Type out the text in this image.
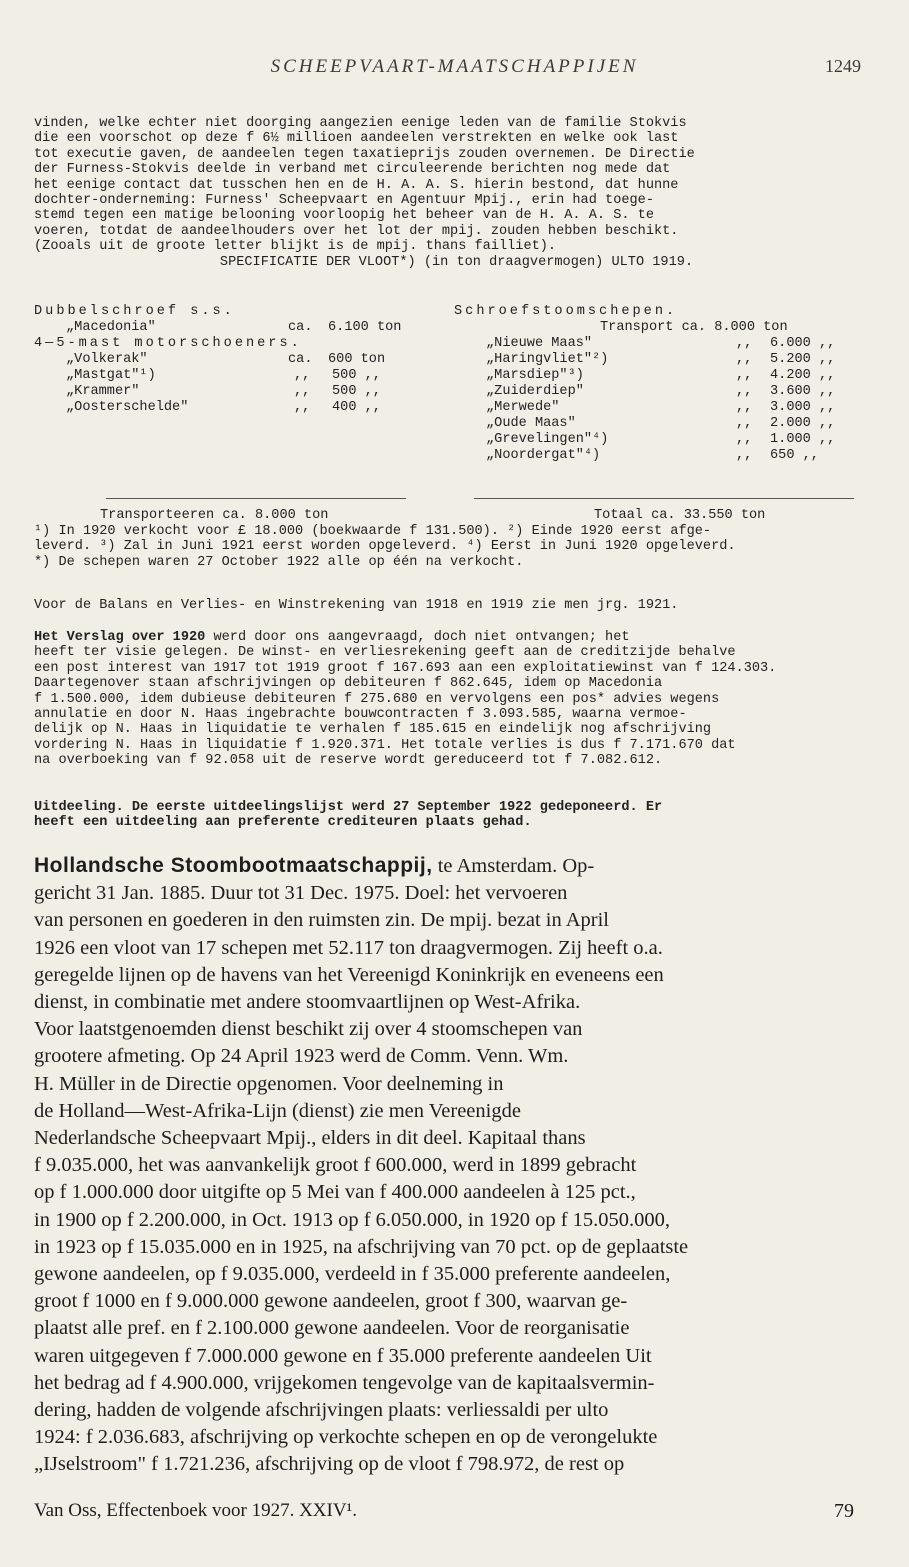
SCHEEPVAART-MAATSCHAPPIJEN	1249

vinden, welke echter niet doorging aangezien eenige leden van de familie Stokvis

die een voorschot op deze f 6½ millioen aandeelen verstrekten en welke ook last

tot executie gaven, de aandeelen tegen taxatieprijs zouden overnemen. De Directie

der Furness-Stokvis deelde in verband met circuleerende berichten nog mede dat

het eenige contact dat tusschen hen en de H. A. A. S. hierin bestond, dat hunne

dochter-onderneming: Furness' Scheepvaart en Agentuur Mpij., erin had toege-

stemd tegen een matige belooning voorloopig het beheer van de H. A. A. S. te

voeren, totdat de aandeelhouders over het lot der mpij. zouden hebben beschikt.

(Zooals uit de groote letter blijkt is de mpij. thans failliet).

SPECIFICATIE DER VLOOT*) (in ton draagvermogen) ULTO 1919.

Dubbelschroef s.s.
„Macedonia"	ca. 6.100 ton
4—5-mast motorschoeners.
„Volkerak"	ca. 600 ton
„Mastgat"¹)	,, 500 ,,
„Krammer"	,, 500 ,,
„Oosterschelde"	,, 400 ,,
Schroefstoomschepen.
Transport ca. 8.000 ton
„Nieuwe Maas"	,, 6.000 ,,
„Haringvliet"²)	,, 5.200 ,,
„Marsdiep"³)	,, 4.200 ,,
„Zuiderdiep"	,, 3.600 ,,
„Merwede"	,, 3.000 ,,
„Oude Maas"	,, 2.000 ,,
„Grevelingen"⁴)	,, 1.000 ,,
„Noordergat"⁴)	,, 650 ,,
Transporteeren ca. 8.000 ton	Totaal ca. 33.550 ton

¹) In 1920 verkocht voor £ 18.000 (boekwaarde f 131.500). ²) Einde 1920 eerst afge-

leverd. ³) Zal in Juni 1921 eerst worden opgeleverd. ⁴) Eerst in Juni 1920 opgeleverd.

*) De schepen waren 27 October 1922 alle op één na verkocht.

Voor de Balans en Verlies- en Winstrekening van 1918 en 1919 zie men jrg. 1921.

Het Verslag over 1920 werd door ons aangevraagd, doch niet ontvangen; het

heeft ter visie gelegen. De winst- en verliesrekening geeft aan de creditzijde behalve

een post interest van 1917 tot 1919 groot f 167.693 aan een exploitatiewinst van f 124.303.

Daartegenover staan afschrijvingen op debiteuren f 862.645, idem op Macedonia

f 1.500.000, idem dubieuse debiteuren f 275.680 en vervolgens een pos* advies wegens

annulatie en door N. Haas ingebrachte bouwcontracten f 3.093.585, waarna vermoe-

delijk op N. Haas in liquidatie te verhalen f 185.615 en eindelijk nog afschrijving

vordering N. Haas in liquidatie f 1.920.371. Het totale verlies is dus f 7.171.670 dat

na overboeking van f 92.058 uit de reserve wordt gereduceerd tot f 7.082.612.

Uitdeeling. De eerste uitdeelingslijst werd 27 September 1922 gedeponeerd. Er

heeft een uitdeeling aan preferente crediteuren plaats gehad.

Hollandsche Stoombootmaatschappij, te Amsterdam. Op-
gericht 31 Jan. 1885. Duur tot 31 Dec. 1975. Doel: het vervoeren
van personen en goederen in den ruimsten zin. De mpij. bezat in April
1926 een vloot van 17 schepen met 52.117 ton draagvermogen. Zij heeft o.a.
geregelde lijnen op de havens van het Vereenigd Koninkrijk en eveneens een
dienst, in combinatie met andere stoomvaartlijnen op West-Afrika.
Voor laatstgenoemden dienst beschikt zij over 4 stoomschepen van
grootere afmeting. Op 24 April 1923 werd de Comm. Venn. Wm.
H. Müller in de Directie opgenomen. Voor deelneming in
de Holland—West-Afrika-Lijn (dienst) zie men Vereenigde
Nederlandsche Scheepvaart Mpij., elders in dit deel. Kapitaal thans
f 9.035.000, het was aanvankelijk groot f 600.000, werd in 1899 gebracht
op f 1.000.000 door uitgifte op 5 Mei van f 400.000 aandeelen à 125 pct.,
in 1900 op f 2.200.000, in Oct. 1913 op f 6.050.000, in 1920 op f 15.050.000,
in 1923 op f 15.035.000 en in 1925, na afschrijving van 70 pct. op de geplaatste
gewone aandeelen, op f 9.035.000, verdeeld in f 35.000 preferente aandeelen,
groot f 1000 en f 9.000.000 gewone aandeelen, groot f 300, waarvan ge-
plaatst alle pref. en f 2.100.000 gewone aandeelen. Voor de reorganisatie
waren uitgegeven f 7.000.000 gewone en f 35.000 preferente aandeelen Uit
het bedrag ad f 4.900.000, vrijgekomen tengevolge van de kapitaalsvermin-
dering, hadden de volgende afschrijvingen plaats: verliessaldi per ulto
1924: f 2.036.683, afschrijving op verkochte schepen en op de verongelukte
„IJselstroom" f 1.721.236, afschrijving op de vloot f 798.972, de rest op
Van Oss, Effectenboek voor 1927. XXIV¹.	79
